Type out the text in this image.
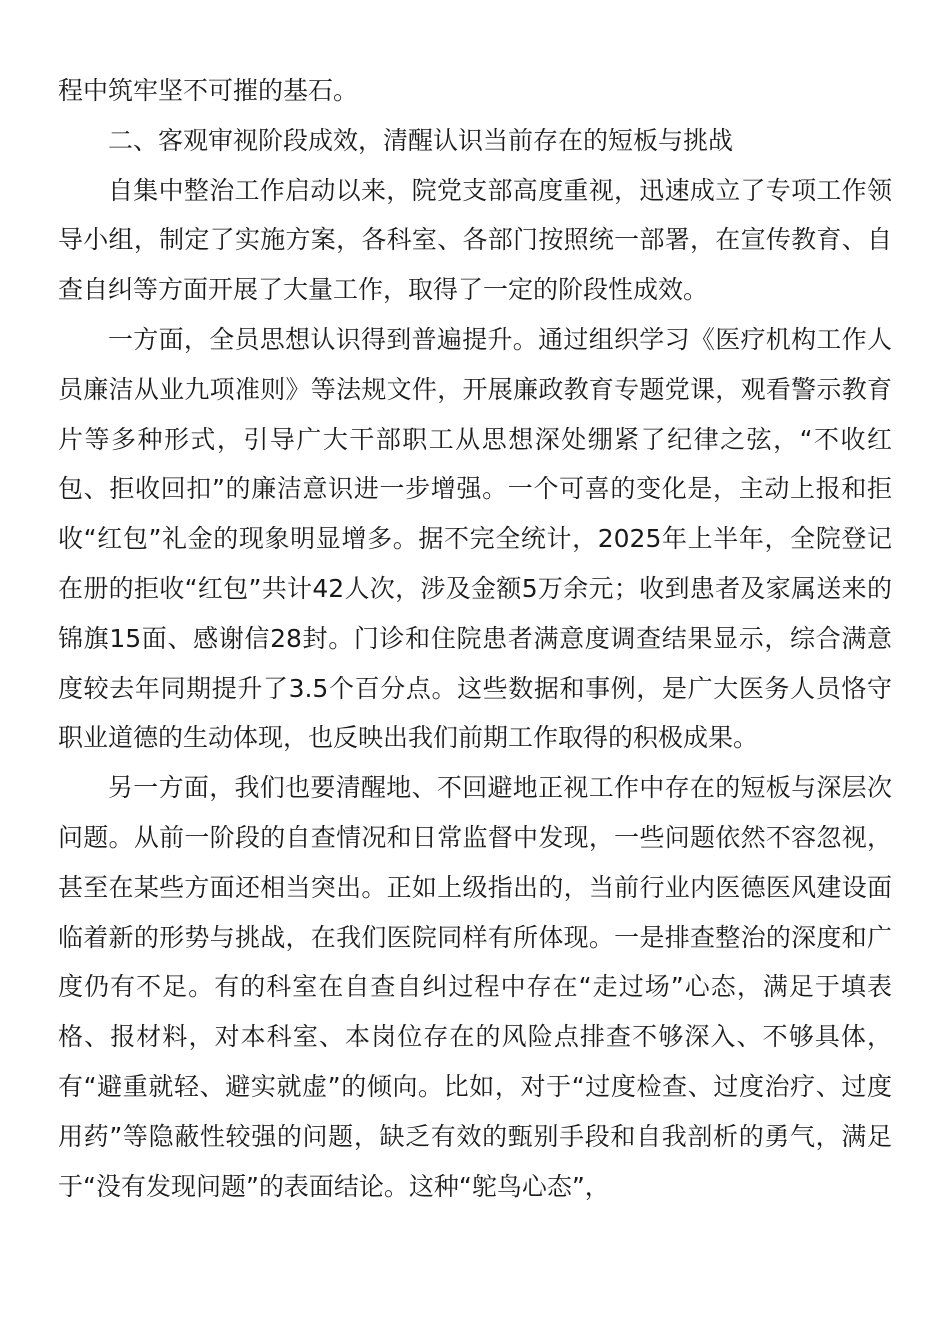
程中筑牢坚不可摧的基石。

二、客观审视阶段成效，清醒认识当前存在的短板与挑战

自集中整治工作启动以来，院党支部高度重视，迅速成立了专项工作领导小组，制定了实施方案，各科室、各部门按照统一部署，在宣传教育、自查自纠等方面开展了大量工作，取得了一定的阶段性成效。

一方面，全员思想认识得到普遍提升。通过组织学习《医疗机构工作人员廉洁从业九项准则》等法规文件，开展廉政教育专题党课，观看警示教育片等多种形式，引导广大干部职工从思想深处绷紧了纪律之弦，“不收红包、拒收回扣”的廉洁意识进一步增强。一个可喜的变化是，主动上报和拒收“红包”礼金的现象明显增多。据不完全统计，2025年上半年，全院登记在册的拒收“红包”共计42人次，涉及金额5万余元；收到患者及家属送来的锦旗15面、感谢信28封。门诊和住院患者满意度调查结果显示，综合满意度较去年同期提升了3.5个百分点。这些数据和事例，是广大医务人员恪守职业道德的生动体现，也反映出我们前期工作取得的积极成果。

另一方面，我们也要清醒地、不回避地正视工作中存在的短板与深层次问题。从前一阶段的自查情况和日常监督中发现，一些问题依然不容忽视，甚至在某些方面还相当突出。正如上级指出的，当前行业内医德医风建设面临着新的形势与挑战，在我们医院同样有所体现。一是排查整治的深度和广度仍有不足。有的科室在自查自纠过程中存在“走过场”心态，满足于填表格、报材料，对本科室、本岗位存在的风险点排查不够深入、不够具体，有“避重就轻、避实就虚”的倾向。比如，对于“过度检查、过度治疗、过度用药”等隐蔽性较强的问题，缺乏有效的甄别手段和自我剖析的勇气，满足于“没有发现问题”的表面结论。这种“鸵鸟心态”，
